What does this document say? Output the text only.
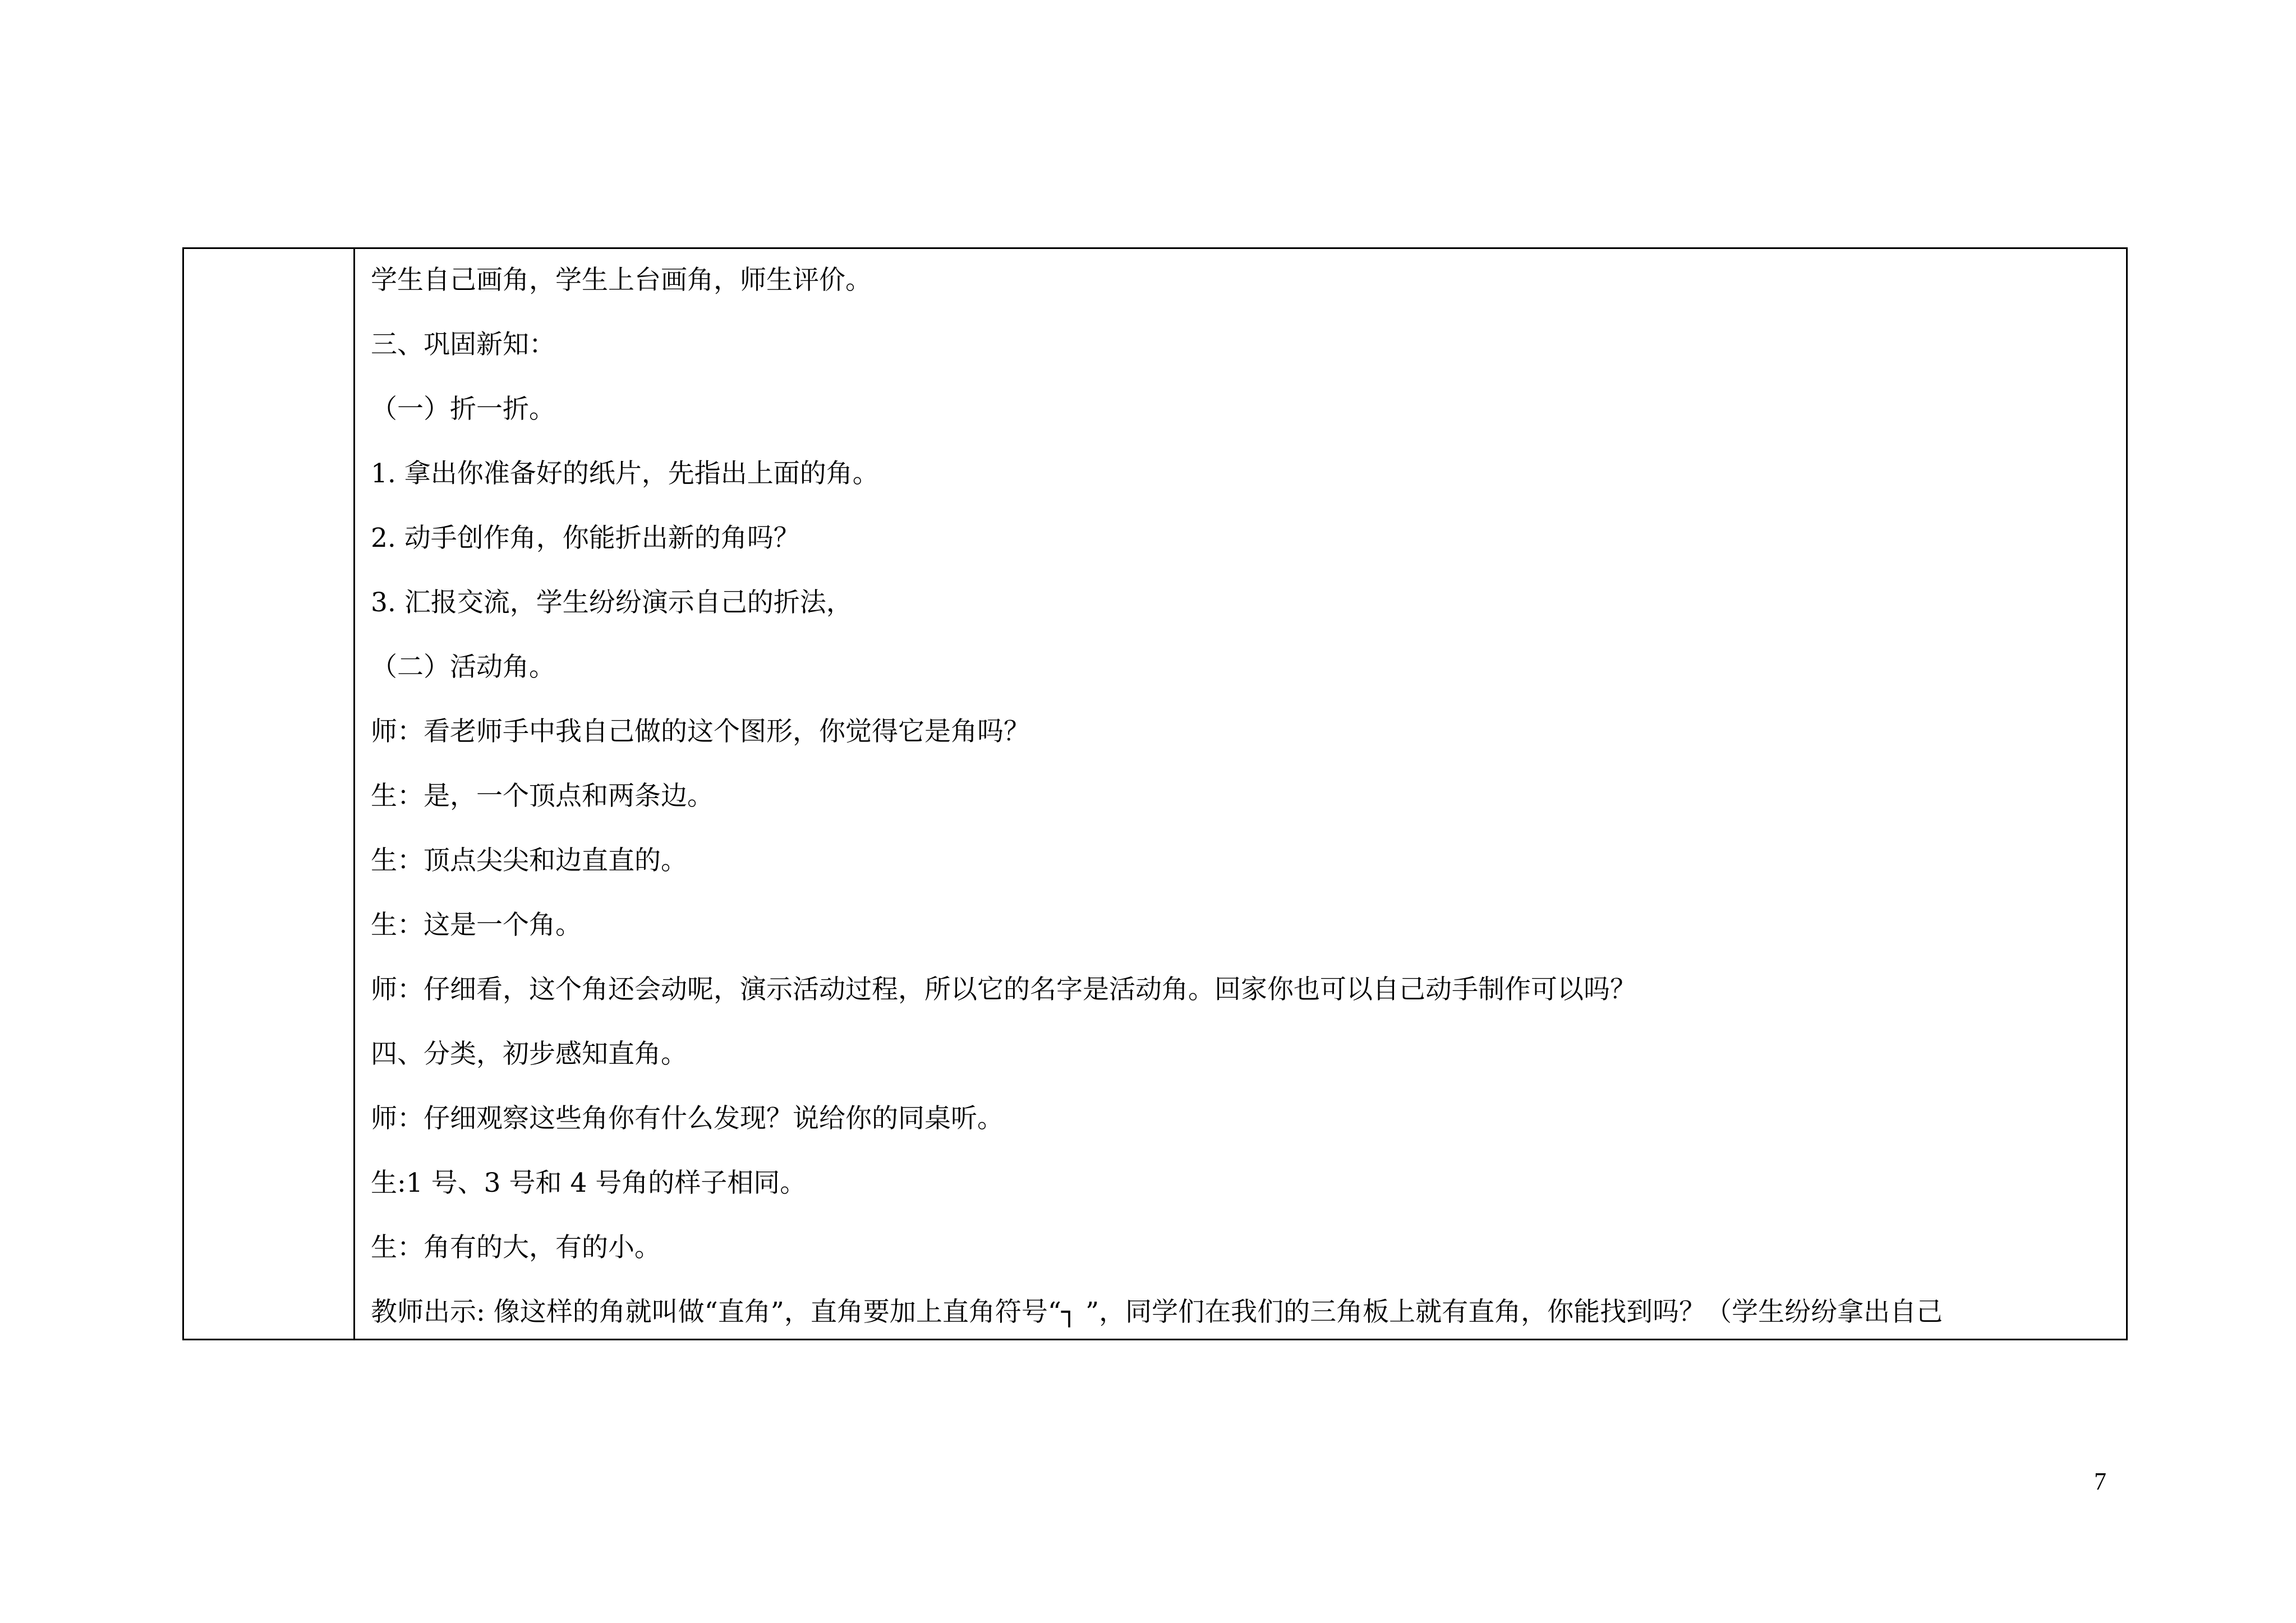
学生自己画角，学生上台画角，师生评价。
三、巩固新知：
（一）折一折。
1. 拿出你准备好的纸片，先指出上面的角。
2. 动手创作角，你能折出新的角吗？
3. 汇报交流，学生纷纷演示自己的折法，
（二）活动角。
师：看老师手中我自己做的这个图形，你觉得它是角吗？
生：是，一个顶点和两条边。
生：顶点尖尖和边直直的。
生：这是一个角。
师：仔细看，这个角还会动呢，演示活动过程，所以它的名字是活动角。回家你也可以自己动手制作可以吗？
四、分类，初步感知直角。
师：仔细观察这些角你有什么发现？说给你的同桌听。
生:1 号、3 号和 4 号角的样子相同。
生：角有的大，有的小。
教师出示: 像这样的角就叫做“直角”，直角要加上直角符号“┐ ”，同学们在我们的三角板上就有直角，你能找到吗？（学生纷纷拿出自己
7
